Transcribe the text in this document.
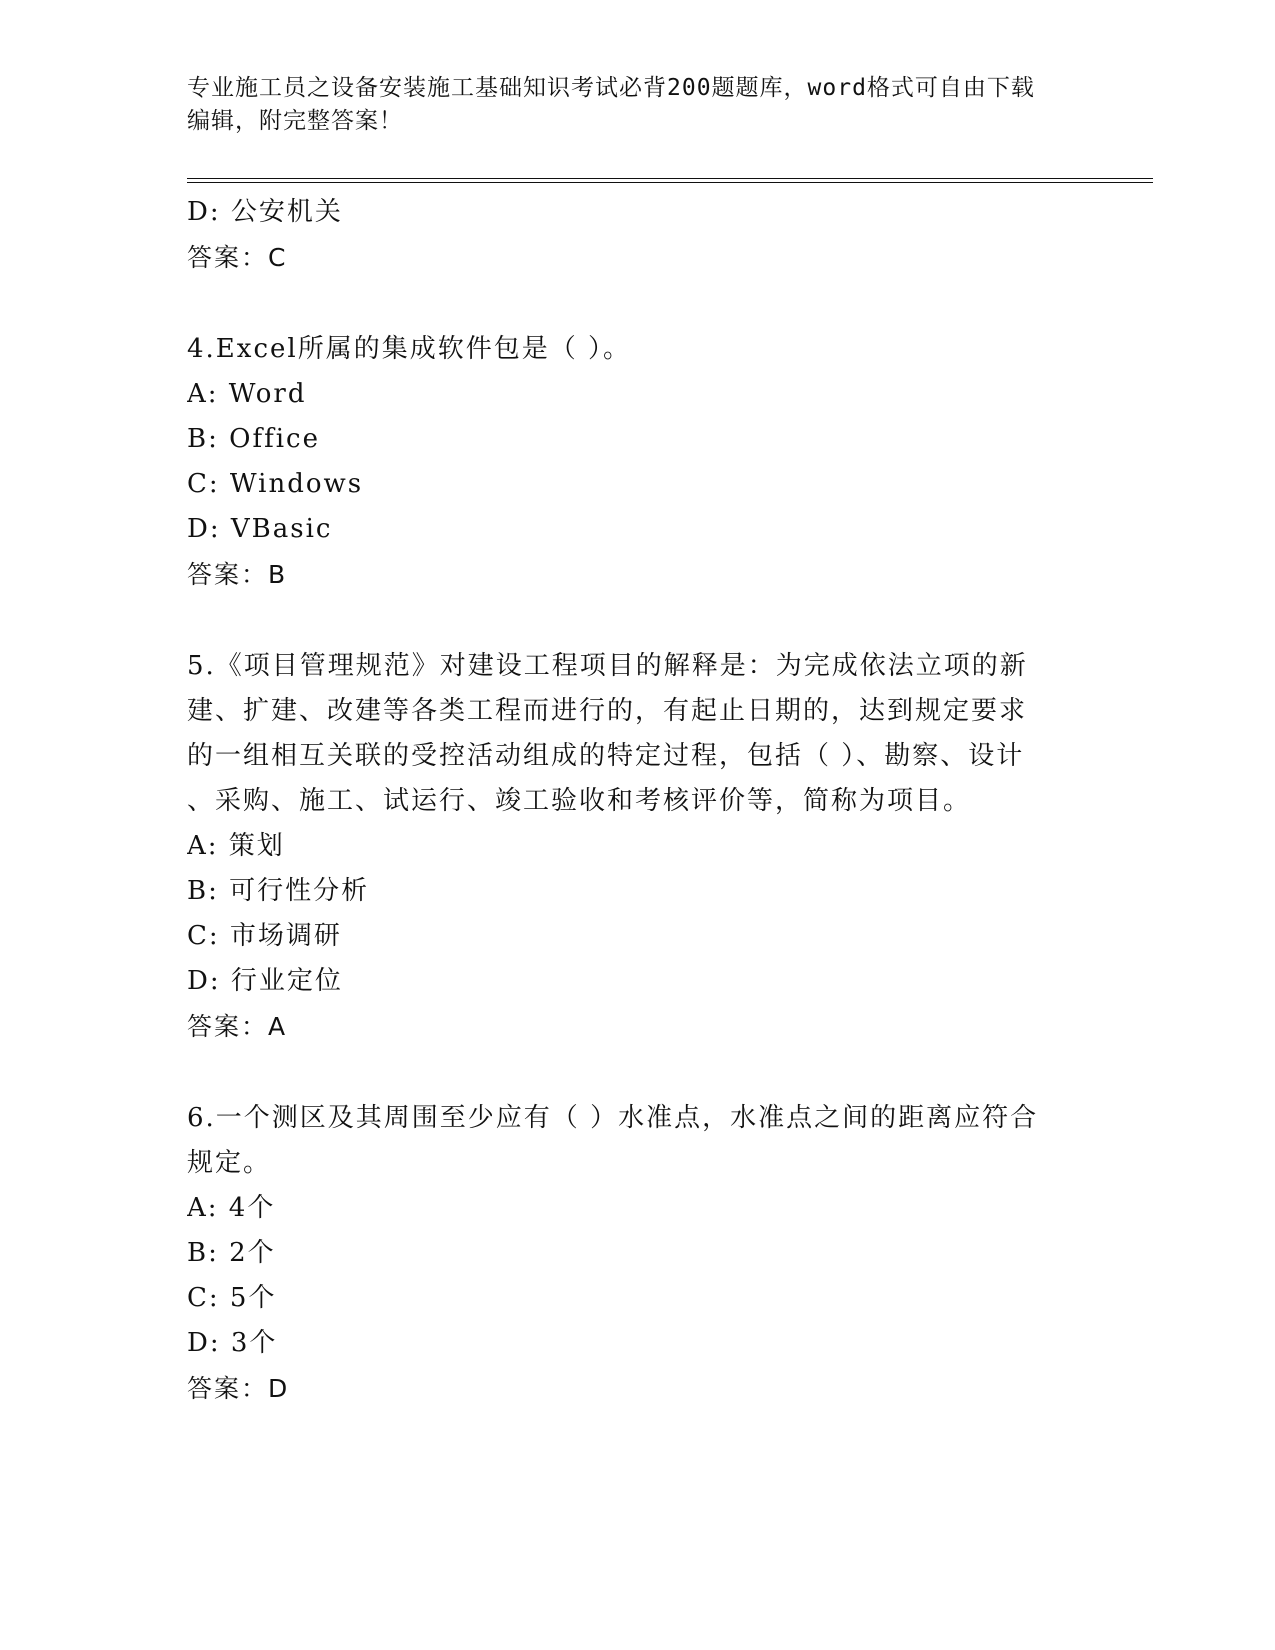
专业施工员之设备安装施工基础知识考试必背200题题库，word格式可自由下载
编辑，附完整答案！
D: 公安机关
答案：C
4.Excel所属的集成软件包是（ ）。
A: Word
B: Office
C: Windows
D: VBasic
答案：B
5.《项目管理规范》对建设工程项目的解释是：为完成依法立项的新
建、扩建、改建等各类工程而进行的，有起止日期的，达到规定要求
的一组相互关联的受控活动组成的特定过程，包括（ ）、勘察、设计
、采购、施工、试运行、竣工验收和考核评价等，简称为项目。
A: 策划
B: 可行性分析
C: 市场调研
D: 行业定位
答案：A
6.一个测区及其周围至少应有（ ）水准点，水准点之间的距离应符合
规定。
A: 4个
B: 2个
C: 5个
D: 3个
答案：D
